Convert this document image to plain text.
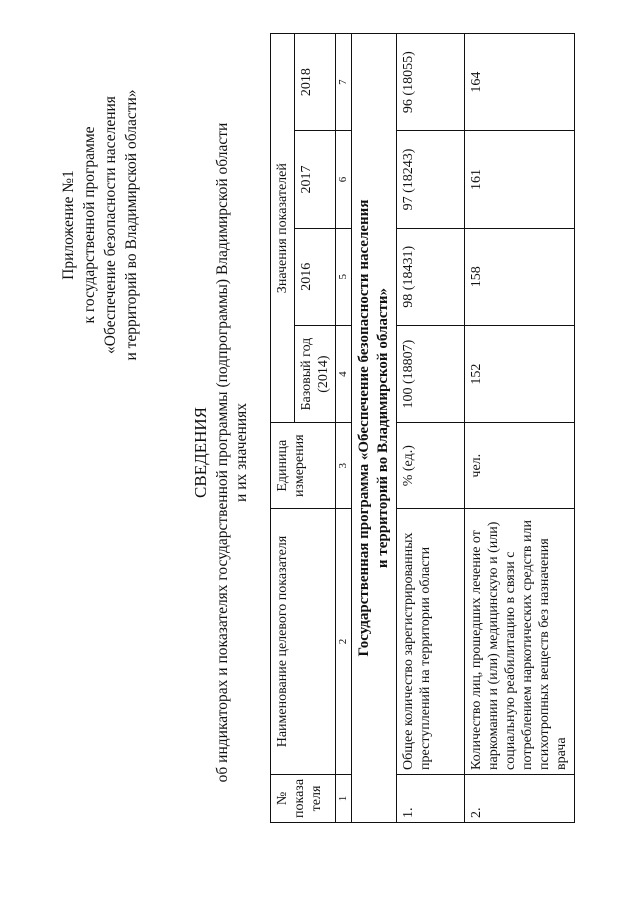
Приложение №1 к государственной программе «Обеспечение безопасности населения и территорий во Владимирской области»
СВЕДЕНИЯ об индикаторах и показателях государственной программы (подпрограммы) Владимирской области и их значениях
№ показа теля	Наименование целевого показателя	Единица измерения	Значения показателей			
			Базовый год (2014)	2016	2017	2018
1	2	3	4	5	6	7

Государственная программа «Обеспечение безопасности населения и территорий во Владимирской области»						

1.	Общее количество зарегистрированных преступлений на территории области	% (ед.)	100 (18807)	98 (18431)	97 (18243)	96 (18055)
2.	Количество лиц, прошедших лечение от наркомании и (или) медицинскую и (или) социальную реабилитацию в связи с потреблением наркотических средств или психотропных веществ без назначения врача	чел.	152	158	161	164
